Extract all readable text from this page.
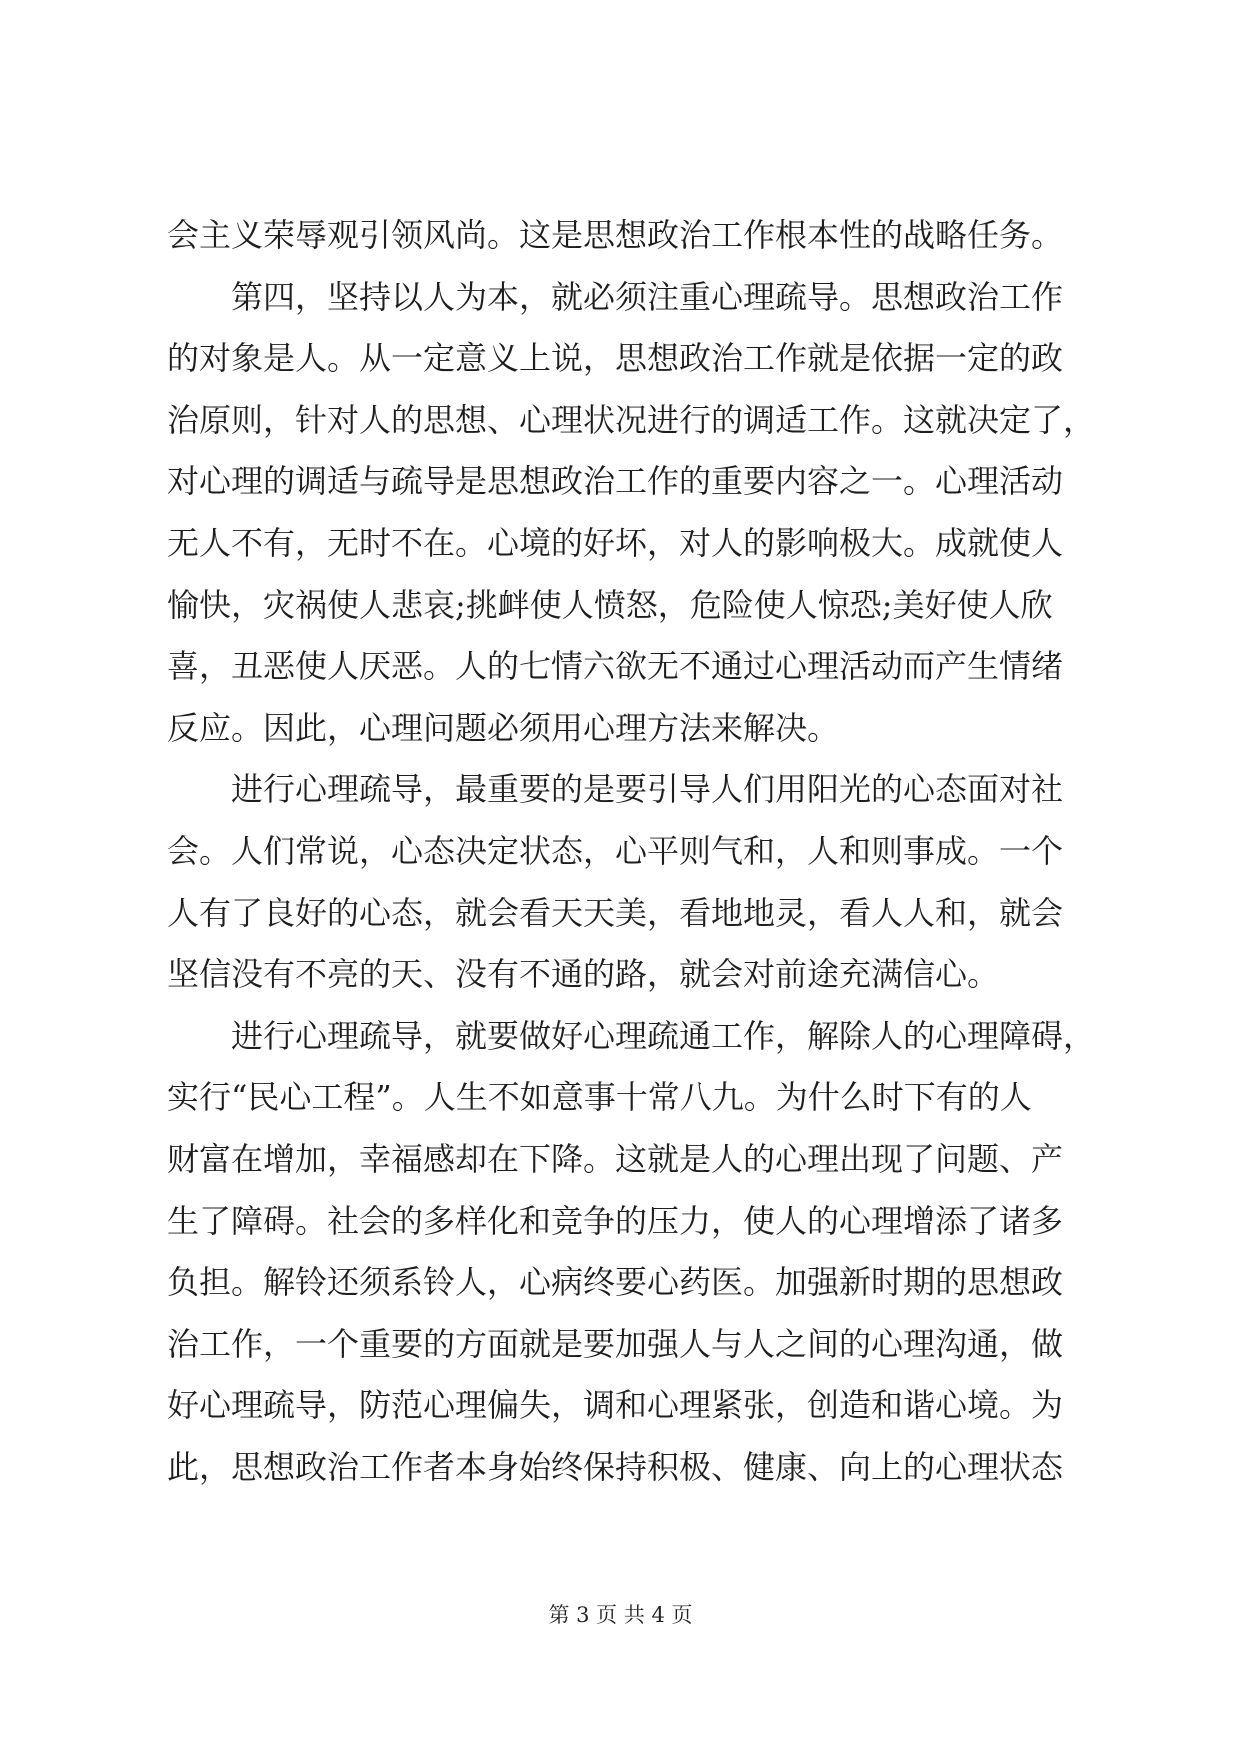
会主义荣辱观引领风尚。这是思想政治工作根本性的战略任务。
　　第四，坚持以人为本，就必须注重心理疏导。思想政治工作
的对象是人。从一定意义上说，思想政治工作就是依据一定的政
治原则，针对人的思想、心理状况进行的调适工作。这就决定了，
对心理的调适与疏导是思想政治工作的重要内容之一。心理活动
无人不有，无时不在。心境的好坏，对人的影响极大。成就使人
愉快，灾祸使人悲哀;挑衅使人愤怒，危险使人惊恐;美好使人欣
喜，丑恶使人厌恶。人的七情六欲无不通过心理活动而产生情绪
反应。因此，心理问题必须用心理方法来解决。
　　进行心理疏导，最重要的是要引导人们用阳光的心态面对社
会。人们常说，心态决定状态，心平则气和，人和则事成。一个
人有了良好的心态，就会看天天美，看地地灵，看人人和，就会
坚信没有不亮的天、没有不通的路，就会对前途充满信心。
　　进行心理疏导，就要做好心理疏通工作，解除人的心理障碍，
实行“民心工程”。人生不如意事十常八九。为什么时下有的人
财富在增加，幸福感却在下降。这就是人的心理出现了问题、产
生了障碍。社会的多样化和竞争的压力，使人的心理增添了诸多
负担。解铃还须系铃人，心病终要心药医。加强新时期的思想政
治工作，一个重要的方面就是要加强人与人之间的心理沟通，做
好心理疏导，防范心理偏失，调和心理紧张，创造和谐心境。为
此，思想政治工作者本身始终保持积极、健康、向上的心理状态
第 3 页 共 4 页
